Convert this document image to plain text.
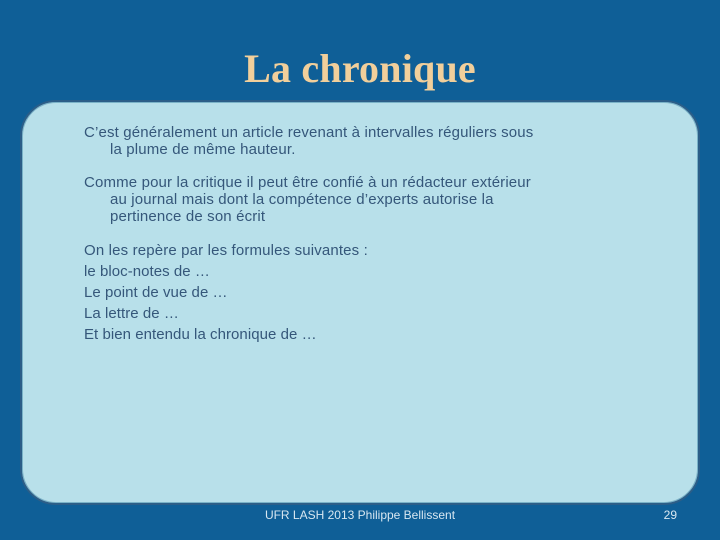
La chronique

C’est généralement un article revenant à intervalles réguliers sous
la plume de même hauteur.

Comme pour la critique il peut être confié à un rédacteur extérieur
au journal mais dont la compétence d’experts autorise la
pertinence de son écrit

On les repère par les formules suivantes :

le bloc-notes de …

Le point de vue de …

La lettre de …

Et bien entendu la chronique de …

UFR LASH 2013 Philippe Bellissent	29
